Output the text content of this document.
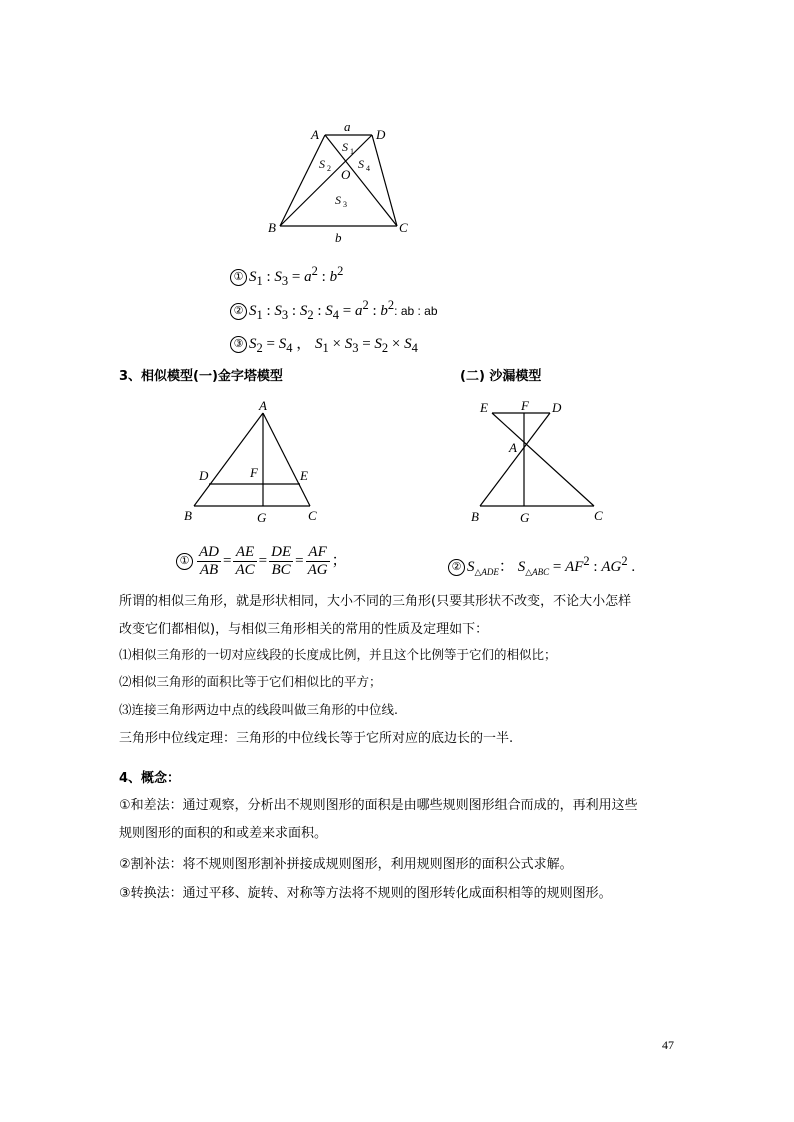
A
a
D
S 1
S 2 S 4
O
S 3
B	C
b
① $S_1$ : $S_3 = a^2$ : $b^2$
② $S_1$ : $S_3$ : $S_2$ : $S_4 = a^2$ : $b^2$: ab : ab
③ $S_2 = S_4$ ， $S_1 \times S_3 = S_2 \times S_4$
3、相似模型(一)金字塔模型	(二) 沙漏模型
A
D	F	E
B	G	C
E	F D
A
B	G	C
① $\frac{AD}{AB} = \frac{AE}{AC} = \frac{DE}{BC} = \frac{AF}{AG}$ ；	② $S_{\triangle ADE}$： $S_{\triangle ABC} = AF^2$ : $AG^2$ .
所谓的相似三角形，就是形状相同，大小不同的三角形(只要其形状不改变，不论大小怎样
改变它们都相似)，与相似三角形相关的常用的性质及定理如下：
⑴相似三角形的一切对应线段的长度成比例，并且这个比例等于它们的相似比；
⑵相似三角形的面积比等于它们相似比的平方；
⑶连接三角形两边中点的线段叫做三角形的中位线.
三角形中位线定理：三角形的中位线长等于它所对应的底边长的一半.
4、概念：
①和差法：通过观察，分析出不规则图形的面积是由哪些规则图形组合而成的，再利用这些
规则图形的面积的和或差来求面积。
②割补法：将不规则图形割补拼接成规则图形，利用规则图形的面积公式求解。
③转换法：通过平移、旋转、对称等方法将不规则的图形转化成面积相等的规则图形。
47
